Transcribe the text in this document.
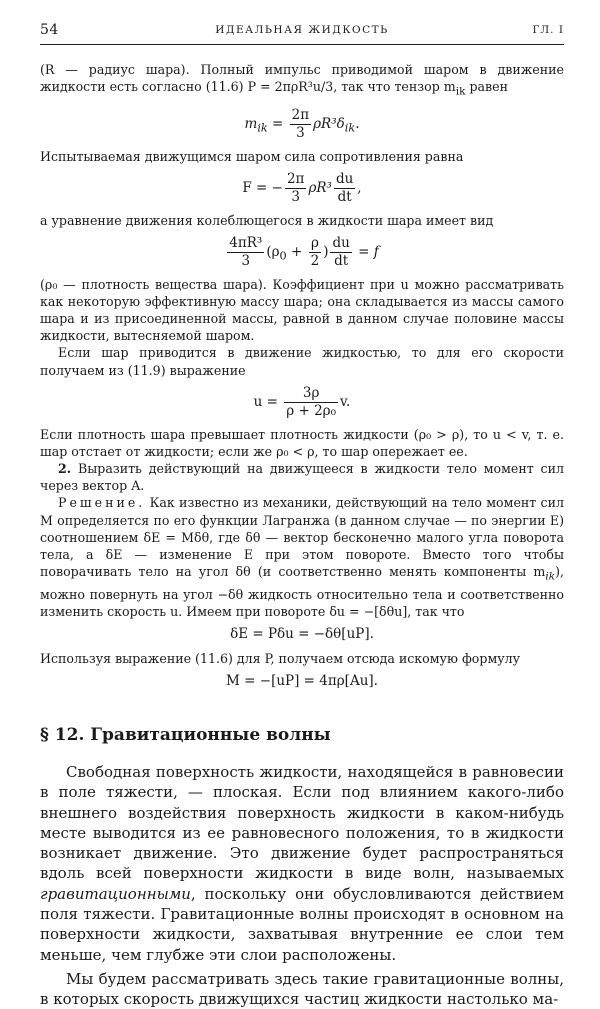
54	ИДЕАЛЬНАЯ ЖИДКОСТЬ	ГЛ. I

(R — радиус шара). Полный импульс приводимой шаром в движение жидкости есть согласно (11.6) P = 2πρR³u/3, так что тензор $m_{ik}$ равен

$m_{ik} = \frac{2\pi}{3} \rho R^3\delta_{ik}$.

Испытываемая движущимся шаром сила сопротивления равна

F = − $\frac{2\pi}{3} \rho R^3 \frac{du}{dt}$ ,

а уравнение движения колеблющегося в жидкости шара имеет вид

$\frac{\text{4πR³}}{3} (\rho_0 + \frac{\rho}{2}$ ) $\frac{du}{dt} = f$

(ρ₀ — плотность вещества шара). Коэффициент при u можно рассматривать как некоторую эффективную массу шара; она складывается из массы самого шара и из присоединенной массы, равной в данном случае половине массы жидкости, вытесняемой шаром.

Если шар приводится в движение жидкостью, то для его скорости получаем из (11.9) выражение

$u = \frac{3\rho}{\text{ρ + 2ρ₀}} v$.

Если плотность шара превышает плотность жидкости (ρ₀ > ρ), то u < v, т. е. шар отстает от жидкости; если же ρ₀ < ρ, то шар опережает ее.

2. Выразить действующий на движущееся в жидкости тело момент сил через вектор A.

Решение. Как известно из механики, действующий на тело момент сил M определяется по его функции Лагранжа (в данном случае — по энергии E) соотношением δE = Mδθ, где δθ — вектор бесконечно малого угла поворота тела, а δE — изменение E при этом повороте. Вместо того чтобы поворачивать тело на угол δθ (и соответственно менять компоненты $m_{ik}$), можно повернуть на угол −δθ жидкость относительно тела и соответственно изменить скорость u. Имеем при повороте δu = −[δθu], так что

δE = Pδu = −δθ[uP].

Используя выражение (11.6) для P, получаем отсюда искомую формулу

M = −[uP] = 4πρ[Au].
§ 12. Гравитационные волны

Свободная поверхность жидкости, находящейся в равновесии в поле тяжести, — плоская. Если под влиянием какого-либо внешнего воздействия поверхность жидкости в каком-нибудь месте выводится из ее равновесного положения, то в жидкости возникает движение. Это движение будет распространяться вдоль всей поверхности жидкости в виде волн, называемых гравитационными, поскольку они обусловливаются действием поля тяжести. Гравитационные волны происходят в основном на поверхности жидкости, захватывая внутренние ее слои тем меньше, чем глубже эти слои расположены.

Мы будем рассматривать здесь такие гравитационные волны, в которых скорость движущихся частиц жидкости настолько ма-
